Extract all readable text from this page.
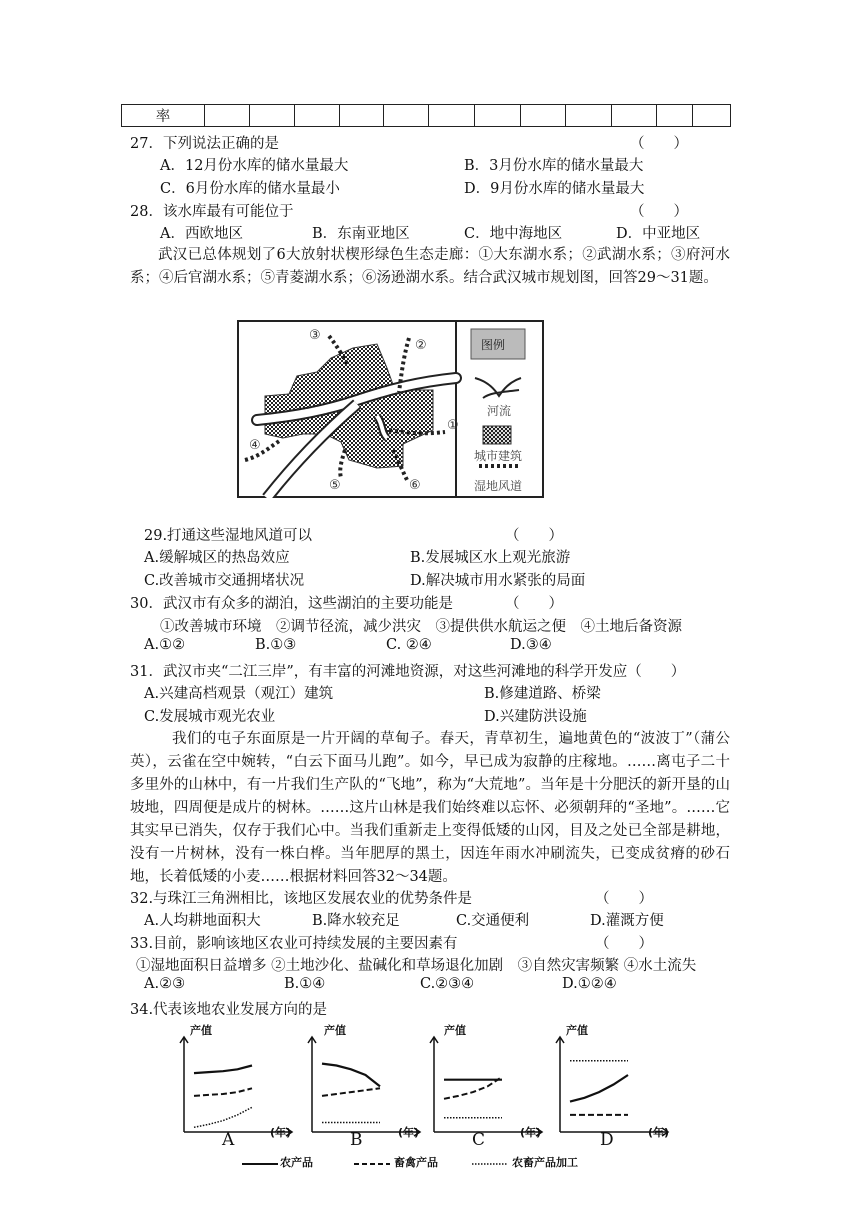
率												
27．下列说法正确的是	（　　）
A．12月份水库的储水量最大	B．3月份水库的储水量最大
C．6月份水库的储水量最小	D．9月份水库的储水量最大
28．该水库最有可能位于	（　　）
A．西欧地区	B．东南亚地区	C．地中海地区	D．中亚地区
武汉已总体规划了6大放射状楔形绿色生态走廊：①大东湖水系；②武湖水系；③府河水系；④后官湖水系；⑤青菱湖水系；⑥汤逊湖水系。结合武汉城市规划图，回答29～31题。
图例
河流
城市建筑
湿地风道
①
②
③
④
⑤	⑥
29.打通这些湿地风道可以	（　　）
A.缓解城区的热岛效应	B.发展城区水上观光旅游
C.改善城市交通拥堵状况	D.解决城市用水紧张的局面
30．武汉市有众多的湖泊，这些湖泊的主要功能是	（　　）
①改善城市环境　②调节径流，减少洪灾　③提供供水航运之便　④土地后备资源
A.①②	B.①③	C. ②④	D.③④
31．武汉市夹“二江三岸”，有丰富的河滩地资源，对这些河滩地的科学开发应（　　）
A.兴建高档观景（观江）建筑	B.修建道路、桥梁
C.发展城市观光农业	D.兴建防洪设施
我们的屯子东面原是一片开阔的草甸子。春天，青草初生，遍地黄色的“波波丁”（蒲公英），云雀在空中婉转，“白云下面马儿跑”。如今，早已成为寂静的庄稼地。……离屯子二十多里外的山林中，有一片我们生产队的“飞地”，称为“大荒地”。当年是十分肥沃的新开垦的山坡地，四周便是成片的树林。……这片山林是我们始终难以忘怀、必须朝拜的“圣地”。……它其实早已消失，仅存于我们心中。当我们重新走上变得低矮的山冈，目及之处已全部是耕地，没有一片树林，没有一株白桦。当年肥厚的黑土，因连年雨水冲刷流失，已变成贫瘠的砂石地，长着低矮的小麦……根据材料回答32～34题。
32.与珠江三角洲相比，该地区发展农业的优势条件是	（　　）
A.人均耕地面积大	B.降水较充足	C.交通便利	D.灌溉方便
33.目前，影响该地区农业可持续发展的主要因素有	（　　）
①湿地面积日益增多 ②土地沙化、盐碱化和草场退化加剧　③自然灾害频繁 ④水土流失
A.②③	B.①④	C.②③④	D.①②④
34.代表该地农业发展方向的是
产值	产值	产值	产值
(年)	(年)	(年)	(年)
A	B	C	D
农产品	畜禽产品	农畜产品加工
